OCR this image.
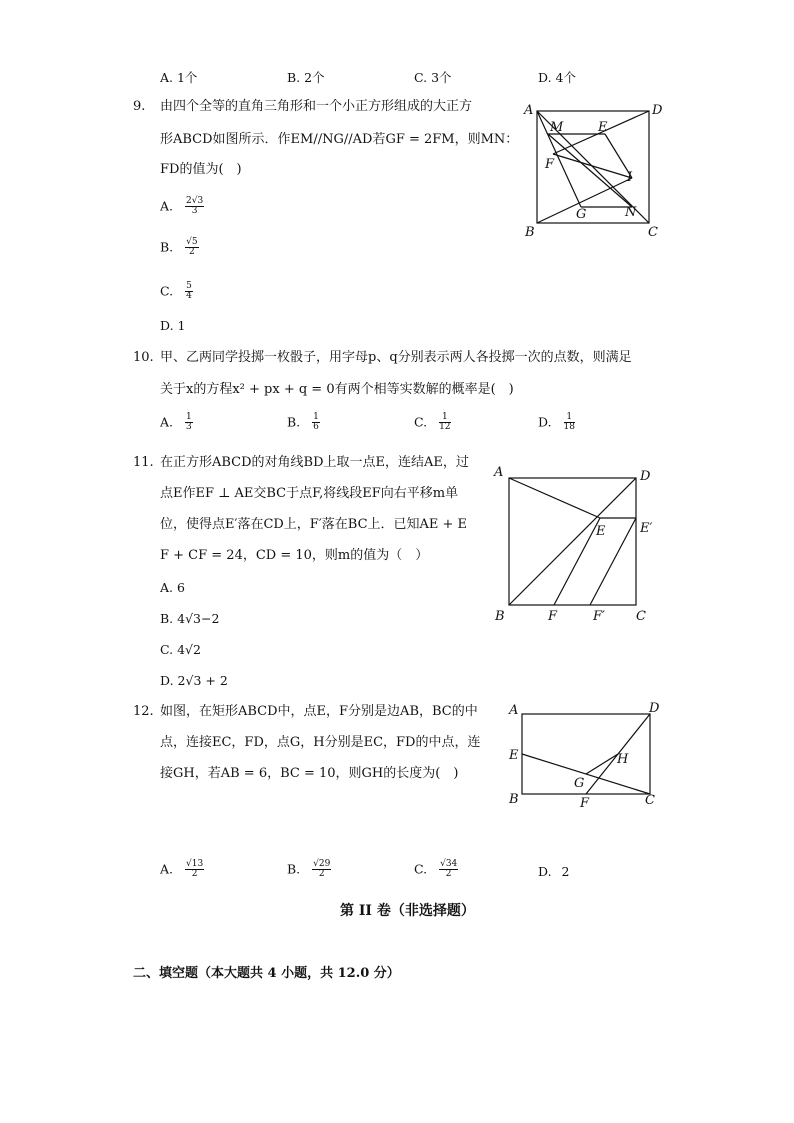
A. 1个	B. 2个	C. 3个	D. 4个
9. 由四个全等的直角三角形和一个小正方形组成的大正方
形ABCD如图所示．作EM//NG//AD若GF = 2FM，则MN：
FD的值为(　)
A. $\frac{2√3}{3}$
B. $\frac{√5}{2}$
C. $\frac{5}{4}$
D. 1
A	D
M	E
F
I
G	N
B	C
10. 甲、乙两同学投掷一枚骰子，用字母p、q分别表示两人各投掷一次的点数，则满足
关于x的方程x² + px + q = 0有两个相等实数解的概率是(　)
A. $\frac{1}{3}$	B. $\frac{1}{6}$	C. $\frac{1}{12}$	D. $\frac{1}{18}$
11. 在正方形ABCD的对角线BD上取一点E，连结AE，过
点E作EF ⊥ AE交BC于点F,将线段EF向右平移m单
位，使得点E′落在CD上，F′落在BC上．已知AE + E
F + CF = 24，CD = 10，则m的值为（　）
A. 6
B. 4√3−2
C. 4√2
D. 2√3 + 2
A	D
E	E′
B	F	F′ C
12. 如图，在矩形ABCD中，点E，F分别是边AB，BC的中
点，连接EC，FD，点G，H分别是EC，FD的中点，连
接GH，若AB = 6，BC = 10，则GH的长度为(　)
A	D
E	H
G
B	F	C
A. $\frac{√13}{2}$	B. $\frac{√29}{2}$	C. $\frac{√34}{2}$	D. 2
第 II 卷（非选择题）
二、填空题（本大题共 4 小题，共 12.0 分）
